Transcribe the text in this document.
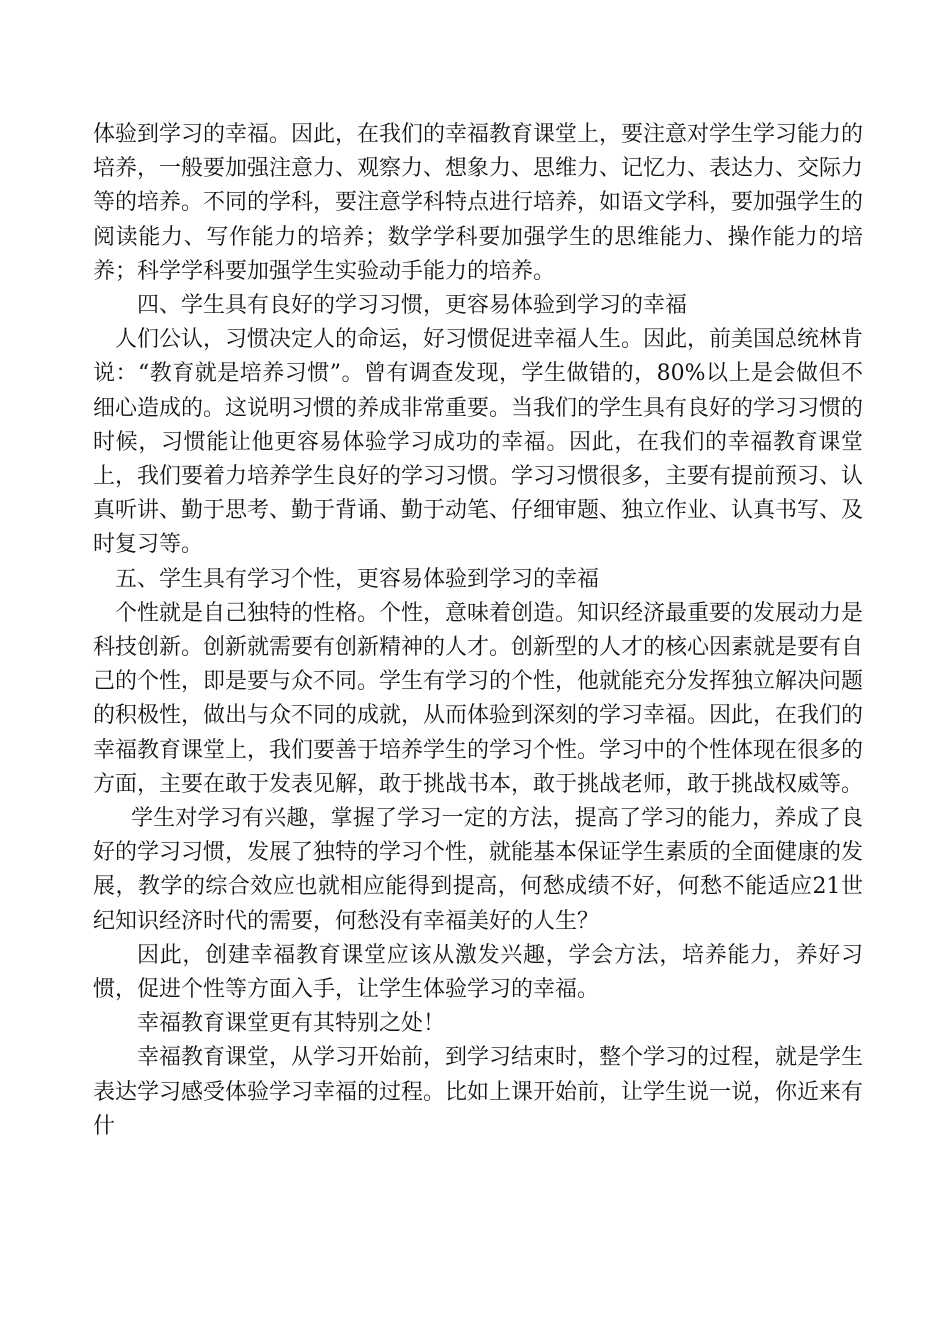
体验到学习的幸福。因此，在我们的幸福教育课堂上，要注意对学生学习能力的培养，一般要加强注意力、观察力、想象力、思维力、记忆力、表达力、交际力等的培养。不同的学科，要注意学科特点进行培养，如语文学科，要加强学生的阅读能力、写作能力的培养；数学学科要加强学生的思维能力、操作能力的培养；科学学科要加强学生实验动手能力的培养。

四、学生具有良好的学习习惯，更容易体验到学习的幸福

人们公认，习惯决定人的命运，好习惯促进幸福人生。因此，前美国总统林肯说：“教育就是培养习惯”。曾有调查发现，学生做错的，80%以上是会做但不细心造成的。这说明习惯的养成非常重要。当我们的学生具有良好的学习习惯的时候，习惯能让他更容易体验学习成功的幸福。因此，在我们的幸福教育课堂上，我们要着力培养学生良好的学习习惯。学习习惯很多，主要有提前预习、认真听讲、勤于思考、勤于背诵、勤于动笔、仔细审题、独立作业、认真书写、及时复习等。

五、学生具有学习个性，更容易体验到学习的幸福

个性就是自己独特的性格。个性，意味着创造。知识经济最重要的发展动力是科技创新。创新就需要有创新精神的人才。创新型的人才的核心因素就是要有自己的个性，即是要与众不同。学生有学习的个性，他就能充分发挥独立解决问题的积极性，做出与众不同的成就，从而体验到深刻的学习幸福。因此，在我们的幸福教育课堂上，我们要善于培养学生的学习个性。学习中的个性体现在很多的方面，主要在敢于发表见解，敢于挑战书本，敢于挑战老师，敢于挑战权威等。

学生对学习有兴趣，掌握了学习一定的方法，提高了学习的能力，养成了良好的学习习惯，发展了独特的学习个性，就能基本保证学生素质的全面健康的发展，教学的综合效应也就相应能得到提高，何愁成绩不好，何愁不能适应21世纪知识经济时代的需要，何愁没有幸福美好的人生？

因此，创建幸福教育课堂应该从激发兴趣，学会方法，培养能力，养好习惯，促进个性等方面入手，让学生体验学习的幸福。

幸福教育课堂更有其特别之处！

幸福教育课堂，从学习开始前，到学习结束时，整个学习的过程，就是学生表达学习感受体验学习幸福的过程。比如上课开始前，让学生说一说，你近来有什
